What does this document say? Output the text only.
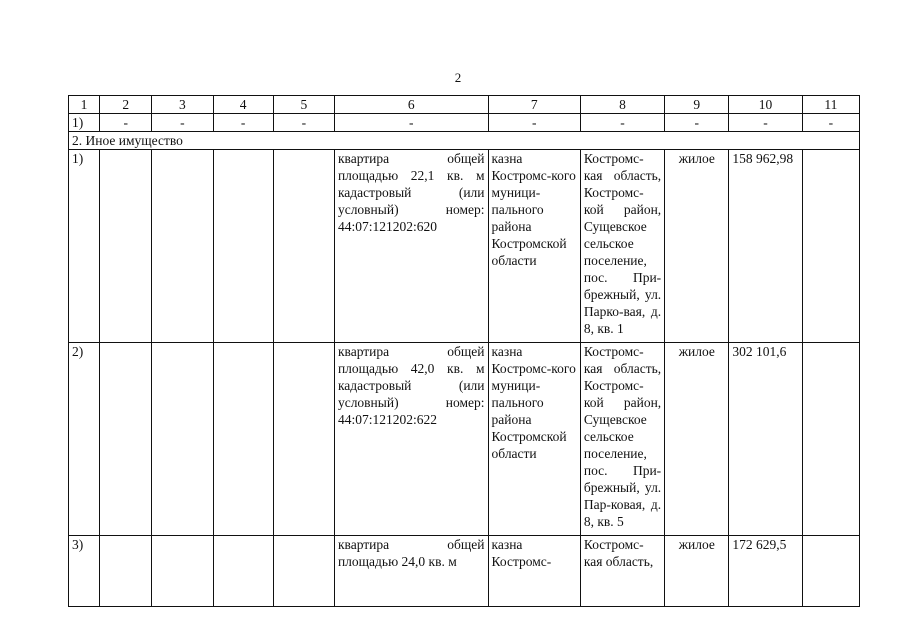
2
1	2	3	4	5	6	7	8	9	10	11
1)	-	-	-	-	-	-	-	-	-	-
2. Иное имущество										
1)					квартира общей площадью 22,1 кв. м кадастровый (или условный) номер: 44:07:121202:620	казна Костромс-кого муници-пального района Костромской области	Костромс-кая область, Костромс-кой район, Сущевское сельское поселение, пос. При-брежный, ул. Парко-вая, д. 8, кв. 1	жилое	158 962,98	
2)					квартира общей площадью 42,0 кв. м кадастровый (или условный) номер: 44:07:121202:622	казна Костромс-кого муници-пального района Костромской области	Костромс-кая область, Костромс-кой район, Сущевское сельское поселение, пос. При-брежный, ул. Пар-ковая, д. 8, кв. 5	жилое	302 101,6	
3)					квартира общей площадью 24,0 кв. м	казна Костромс-	Костромс-кая область,	жилое	172 629,5	
